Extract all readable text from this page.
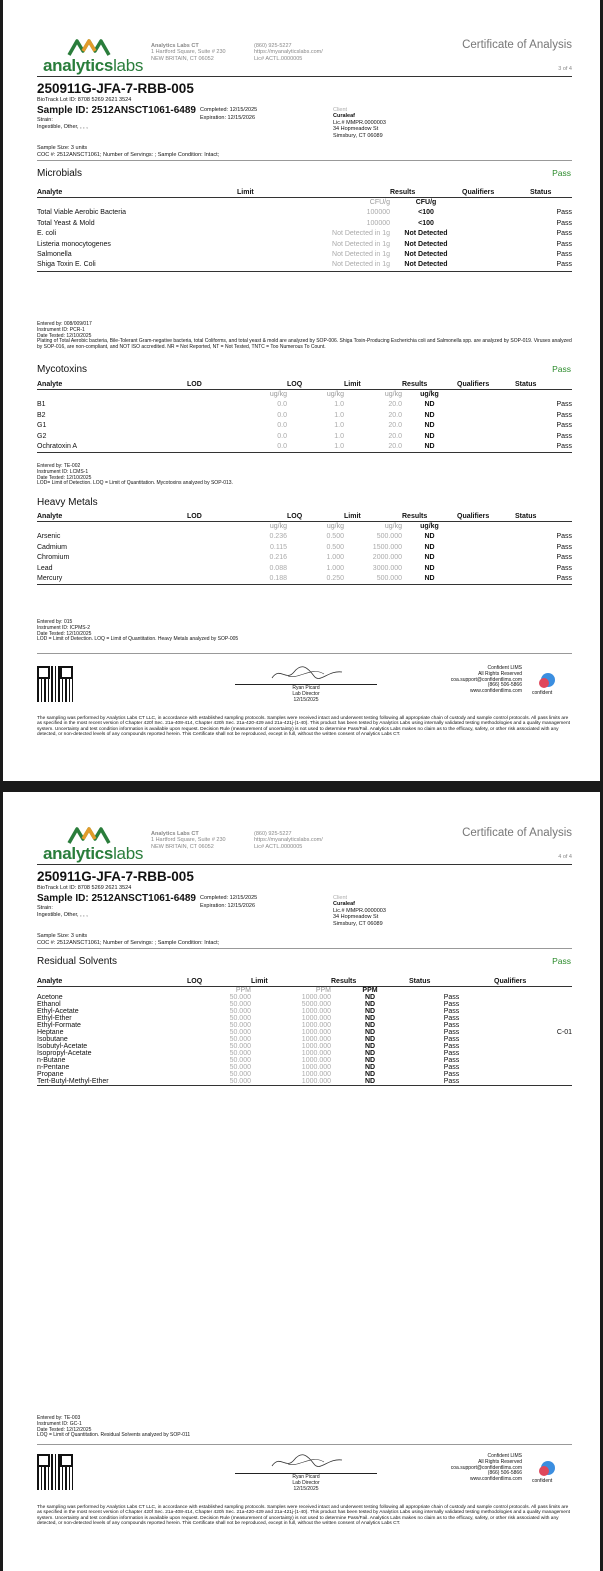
analyticslabs
Analytics Labs CT
1 Hartford Square, Suite # 230
NEW BRITAIN, CT 06052
(860) 925-5227
https://myanalyticslabs.com/
Lic# ACTL.0000005
Certificate of Analysis
3 of 4
250911G-JFA-7-RBB-005
BioTrack Lot ID: 8708 5269 2621 3524
Sample ID: 2512ANSCT1061-6489 Completed: 12/15/2025
Expiration: 12/15/2026
Strain:
Ingestible, Other, , , ,
Client
Curaleaf
Lic.# MMPR.0000003
34 Hopmeadow St
Simsbury, CT 06089
Sample Size: 3 units
COC #: 2512ANSCT1061; Number of Servings: ; Sample Condition: Intact;
Microbials	Pass
Analyte	Limit	Results	Qualifiers	Status
	CFU/g	CFU/g		
Total Viable Aerobic Bacteria	100000	<100		Pass
Total Yeast & Mold	100000	<100		Pass
E. coli	Not Detected in 1g	Not Detected		Pass
Listeria monocytogenes	Not Detected in 1g	Not Detected		Pass
Salmonella	Not Detected in 1g	Not Detected		Pass
Shiga Toxin E. Coli	Not Detected in 1g	Not Detected		Pass
Entered by: 008/009/017
Instrument ID: PCR-1
Date Tested: 12/10/2025
Plating of Total Aerobic bacteria, Bile-Tolerant Gram-negative bacteria, total Coliforms, and total yeast & mold are analyzed by SOP-006. Shiga Toxin-Producing Escherichia coli and Salmonella spp. are analyzed by SOP-019. Viruses analyzed by SOP-016, are non-compliant, and NOT ISO accredited. NR = Not Reported, NT = Not Tested, TNTC = Too Numerous To Count.
Mycotoxins	Pass
Analyte	LOD	LOQ	Limit	Results	Qualifiers	Status
	ug/kg	ug/kg	ug/kg	ug/kg		
B1	0.0	1.0	20.0	ND		Pass
B2	0.0	1.0	20.0	ND		Pass
G1	0.0	1.0	20.0	ND		Pass
G2	0.0	1.0	20.0	ND		Pass
Ochratoxin A	0.0	1.0	20.0	ND		Pass
Entered by: TE-002
Instrument ID: LCMS-1
Date Tested: 12/10/2025
LOD= Limit of Detection. LOQ = Limit of Quantitation. Mycotoxins analyzed by SOP-013.
Heavy Metals
Analyte	LOD	LOQ	Limit	Results	Qualifiers	Status
	ug/kg	ug/kg	ug/kg	ug/kg		
Arsenic	0.236	0.500	500.000	ND		Pass
Cadmium	0.115	0.500	1500.000	ND		Pass
Chromium	0.216	1.000	2000.000	ND		Pass
Lead	0.088	1.000	3000.000	ND		Pass
Mercury	0.188	0.250	500.000	ND		Pass
Entered by: 015
Instrument ID: ICPMS-2
Date Tested: 12/10/2025
LOD = Limit of Detection. LOQ = Limit of Quantitation. Heavy Metals analyzed by SOP-005
Ryan Picard
Lab Director
12/15/2025
Confident LIMS
All Rights Reserved
coa.support@confidentlims.com
(866) 506-5866
www.confidentlims.com confident
The sampling was performed by Analytics Labs CT LLC, in accordance with established sampling protocols. Samples were received intact and underwent testing following all appropriate chain of custody and sample control protocols. All pass limits are as specified in the most recent version of Chapter 420f Sec. 21a-408-414, Chapter 420h Sec. 21a-420-429 and 21a-421j-(1-40). This product has been tested by Analytics Labs using internally validated testing methodologies and a quality management system. Uncertainty and test condition information is available upon request. Decision Rule (measurement of uncertainty) is not used to determine Pass/Fail. Analytics Labs makes no claim as to the efficacy, safety, or other risk associated with any detected, or non-detected levels of any compounds reported herein. This Certificate shall not be reproduced, except in full, without the written consent of Analytics Labs CT.
analyticslabs
Analytics Labs CT
1 Hartford Square, Suite # 230
NEW BRITAIN, CT 06052
(860) 925-5227
https://myanalyticslabs.com/
Lic# ACTL.0000005
Certificate of Analysis
4 of 4
250911G-JFA-7-RBB-005
BioTrack Lot ID: 8708 5269 2621 3524
Sample ID: 2512ANSCT1061-6489 Completed: 12/15/2025
Expiration: 12/15/2026
Strain:
Ingestible, Other, , , ,
Client
Curaleaf
Lic.# MMPR.0000003
34 Hopmeadow St
Simsbury, CT 06089
Sample Size: 3 units
COC #: 2512ANSCT1061; Number of Servings: ; Sample Condition: Intact;
Residual Solvents	Pass
Analyte	LOQ	Limit	Results	Status	Qualifiers
	PPM	PPM	PPM		
Acetone	50.000	1000.000	ND	Pass	
Ethanol	50.000	5000.000	ND	Pass	
Ethyl-Acetate	50.000	1000.000	ND	Pass	
Ethyl-Ether	50.000	1000.000	ND	Pass	
Ethyl-Formate	50.000	1000.000	ND	Pass	
Heptane	50.000	1000.000	ND	Pass	C-01
Isobutane	50.000	1000.000	ND	Pass	
Isobutyl-Acetate	50.000	1000.000	ND	Pass	
Isopropyl-Acetate	50.000	1000.000	ND	Pass	
n-Butane	50.000	1000.000	ND	Pass	
n-Pentane	50.000	1000.000	ND	Pass	
Propane	50.000	1000.000	ND	Pass	
Tert-Butyl-Methyl-Ether	50.000	1000.000	ND	Pass	
Entered by: TE-003
Instrument ID: GC-1
Date Tested: 12/12/2025
LOQ = Limit of Quantitation. Residual Solvents analyzed by SOP-011
Ryan Picard
Lab Director
12/15/2025
Confident LIMS
All Rights Reserved
coa.support@confidentlims.com
(866) 506-5866
www.confidentlims.com confident
The sampling was performed by Analytics Labs CT LLC, in accordance with established sampling protocols. Samples were received intact and underwent testing following all appropriate chain of custody and sample control protocols. All pass limits are as specified in the most recent version of Chapter 420f Sec. 21a-408-414, Chapter 420h Sec. 21a-420-429 and 21a-421j-(1-40). This product has been tested by Analytics Labs using internally validated testing methodologies and a quality management system. Uncertainty and test condition information is available upon request. Decision Rule (measurement of uncertainty) is not used to determine Pass/Fail. Analytics Labs makes no claim as to the efficacy, safety, or other risk associated with any detected, or non-detected levels of any compounds reported herein. This Certificate shall not be reproduced, except in full, without the written consent of Analytics Labs CT.
